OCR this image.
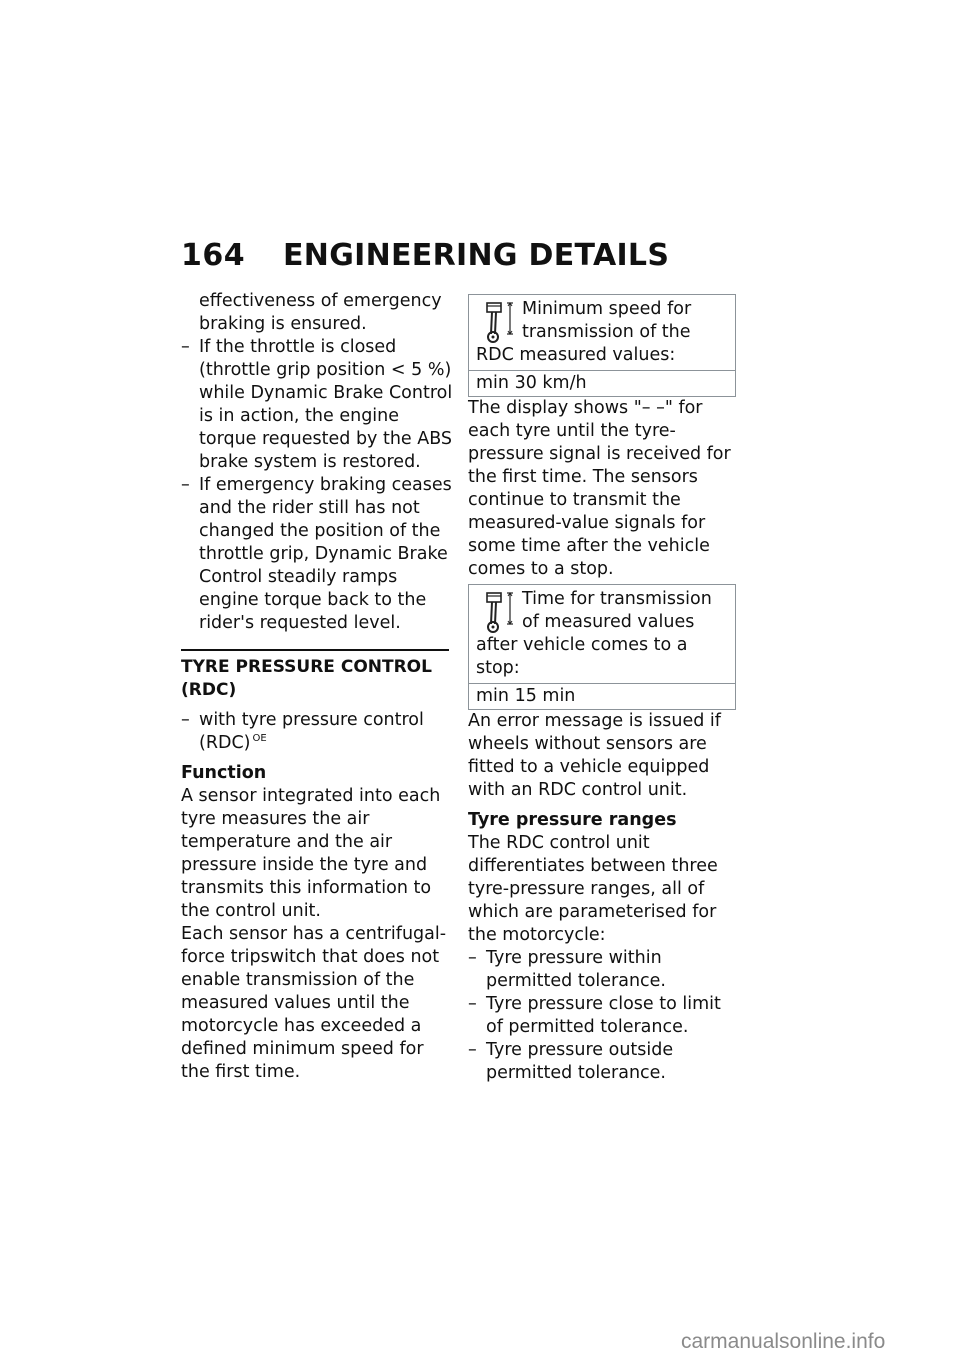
164 ENGINEERING DETAILS

effectiveness of emergency

braking is ensured.

– If the throttle is closed (throttle grip position < 5 %) while Dynamic Brake Control is in action, the engine torque requested by the ABS brake system is restored.

– If emergency braking ceases and the rider still has not changed the position of the throttle grip, Dynamic Brake Control steadily ramps engine torque back to the rider's requested level.

TYRE PRESSURE CONTROL (RDC)

– with tyre pressure control (RDC) $^{OE}$

Function

A sensor integrated into each tyre measures the air temperature and the air pressure inside the tyre and transmits this information to the control unit.

Each sensor has a centrifugal-force tripswitch that does not enable transmission of the measured values until the motorcycle has exceeded a defined minimum speed for the first time.

Minimum speed for transmission of the RDC measured values:
min 30 km/h

The display shows "– –" for each tyre until the tyre-pressure signal is received for the first time. The sensors continue to transmit the measured-value signals for some time after the vehicle comes to a stop.

Time for transmission of measured values after vehicle comes to a stop:
min 15 min

An error message is issued if wheels without sensors are fitted to a vehicle equipped with an RDC control unit.

Tyre pressure ranges

The RDC control unit differentiates between three tyre-pressure ranges, all of which are parameterised for the motorcycle:

– Tyre pressure within permitted tolerance.

– Tyre pressure close to limit of permitted tolerance.

– Tyre pressure outside permitted tolerance.

carmanualsonline.info
